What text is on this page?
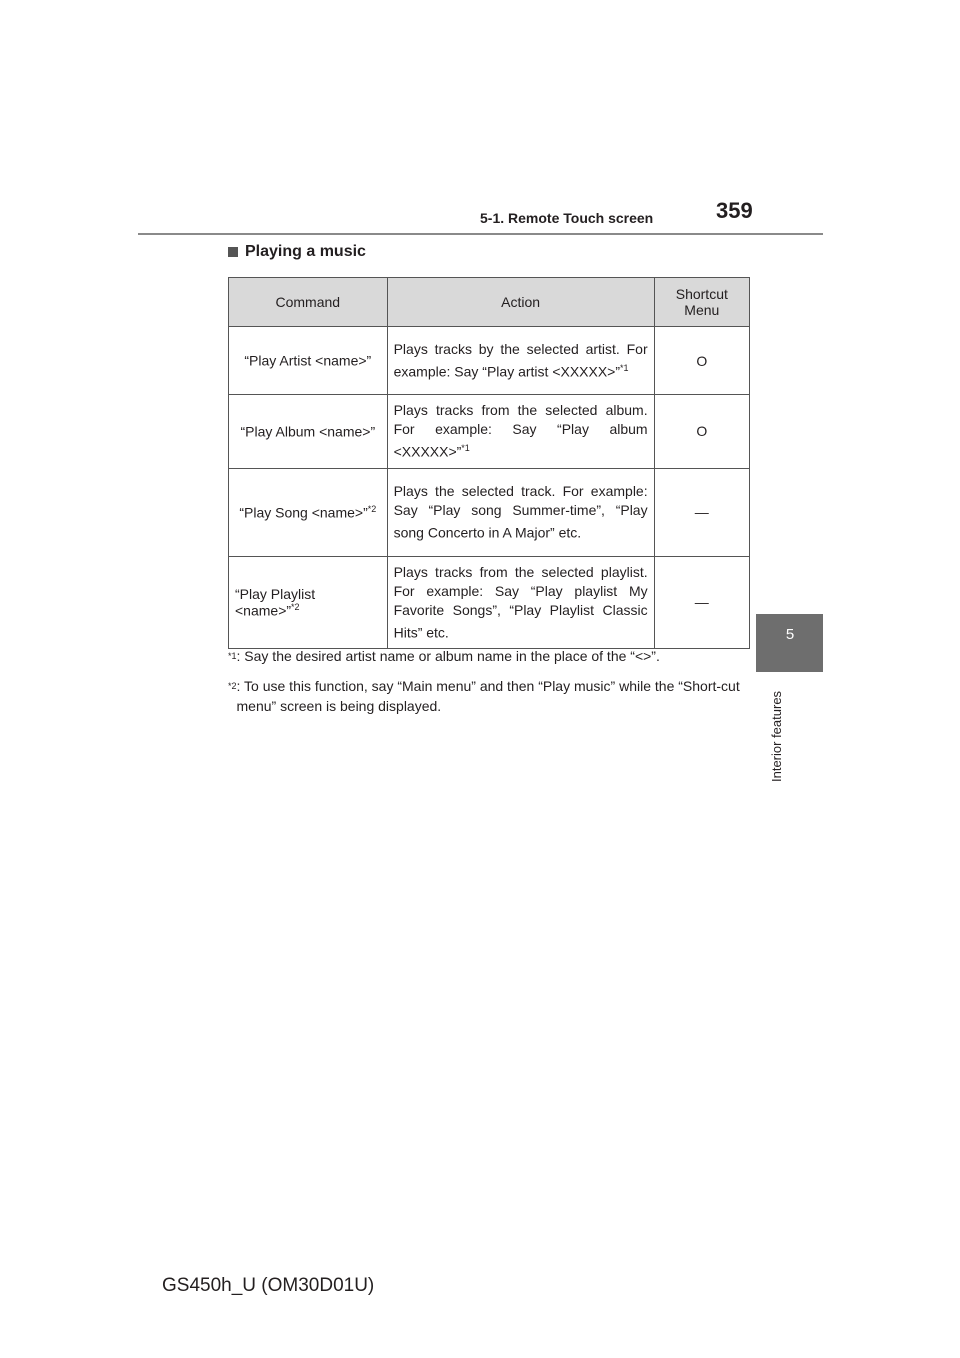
5-1. Remote Touch screen	359
Playing a music
5
Interior features
Command	Action	Shortcut Menu
“Play Artist <name>”	Plays tracks by the selected artist. For example: Say “Play artist <XXXXX>”$^{*1}$	O
“Play Album <name>”	Plays tracks from the selected album. For example: Say “Play album <XXXXX>”$^{*1}$	O
“Play Song <name>”$^{*2}$	Plays the selected track. For example: Say “Play song Summer-time”, “Play song Concerto in A Major” etc.	—
“Play Playlist <name>”$^{*2}$	Plays tracks from the selected playlist. For example: Say “Play playlist My Favorite Songs”, “Play Playlist Classic Hits” etc.	—
$^{*1}$ : Say the desired artist name or album name in the place of the “<>”.
$^{*2}$ : To use this function, say “Main menu” and then “Play music” while the “Short-cut menu” screen is being displayed.
GS450h_U (OM30D01U)
